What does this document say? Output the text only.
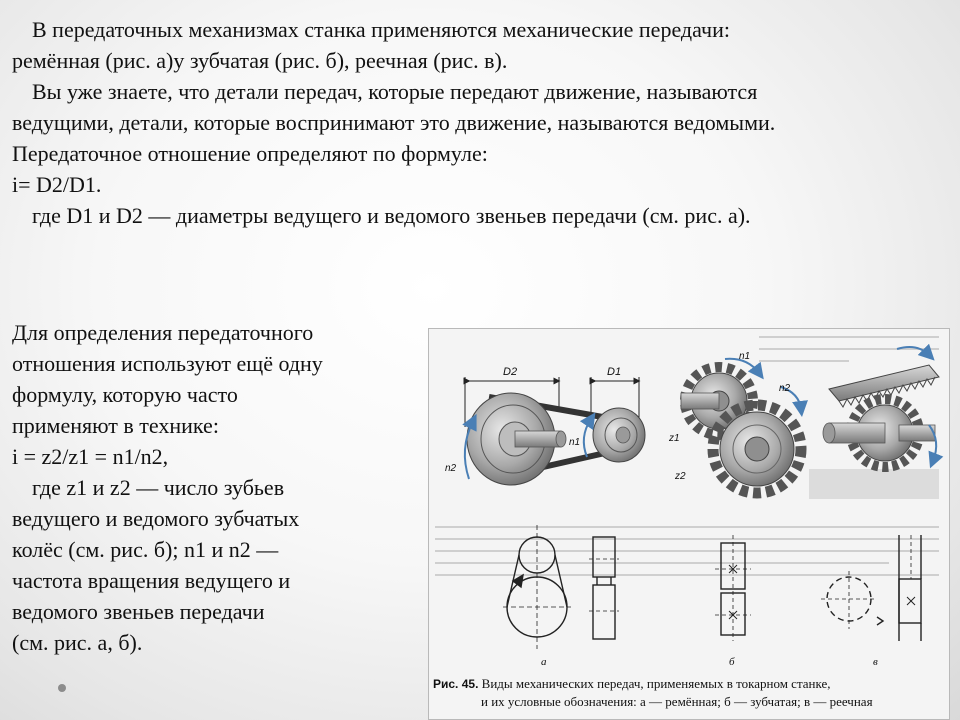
В передаточных механизмах станка применяются механические передачи:

ремённая (рис. а)у зубчатая (рис. б), реечная (рис. в).

Вы уже знаете, что детали передач, которые передают движение, называются

ведущими, детали, которые воспринимают это движение, называются ведомыми.

Передаточное отношение определяют по формуле:

i= D2/D1.

где D1 и D2 — диаметры ведущего и ведомого звеньев передачи (см. рис. а).

Для определения передаточного

отношения используют ещё одну

формулу, которую часто

применяют в технике:

i = z2/z1 = n1/n2,

где z1 и z2 — число зубьев

ведущего и ведомого зубчатых

колёс (см. рис. б); n1 и n2 —

частота вращения ведущего и

ведомого звеньев передачи

(см. рис. а, б).

D2	D1
n2
n1
n1
n2
z1
z2
а	б	в

Рис. 45. Виды механических передач, применяемых в токарном станке,

и их условные обозначения: а — ремённая; б — зубчатая; в — реечная
